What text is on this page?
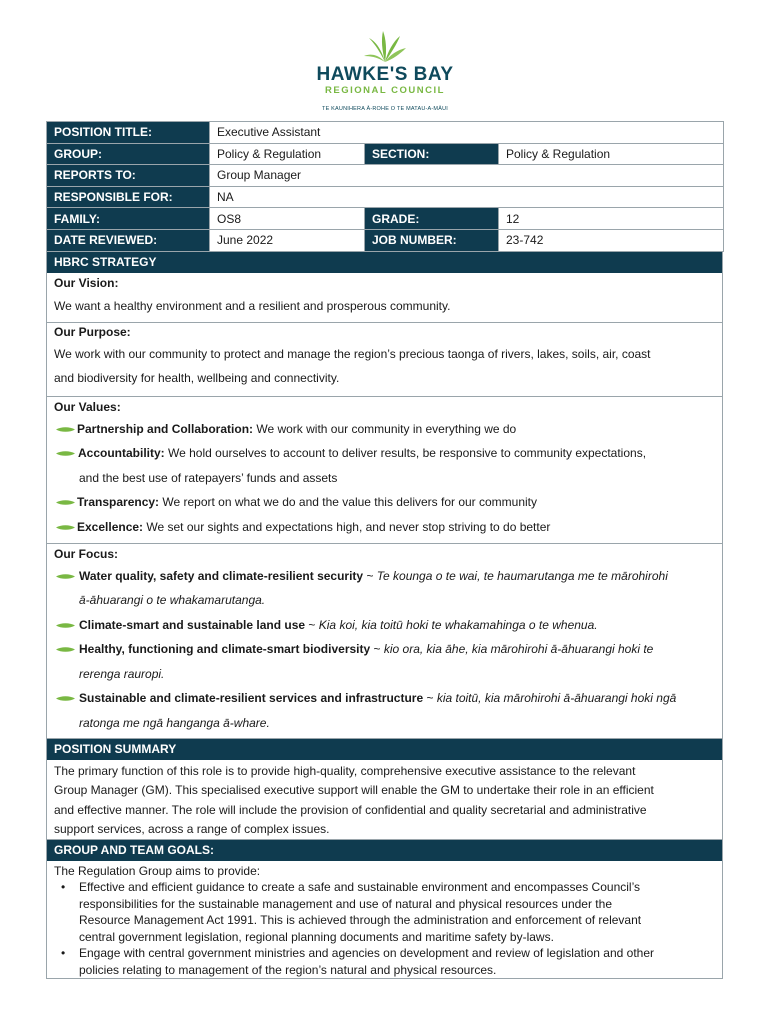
HAWKE'S BAY
REGIONAL COUNCIL
TE KAUNIHERA Ā-ROHE O TE MATAU-A-MĀUI
POSITION TITLE:	Executive Assistant		
GROUP:	Policy & Regulation	SECTION:	Policy & Regulation
REPORTS TO:	Group Manager		
RESPONSIBLE FOR:	NA		
FAMILY:	OS8	GRADE:	12
DATE REVIEWED:	June 2022	JOB NUMBER:	23-742
HBRC STRATEGY
Our Vision:
We want a healthy environment and a resilient and prosperous community.
Our Purpose:
We work with our community to protect and manage the region’s precious taonga of rivers, lakes, soils, air, coast
and biodiversity for health, wellbeing and connectivity.
Our Values:
Partnership and Collaboration: We work with our community in everything we do
Accountability: We hold ourselves to account to deliver results, be responsive to community expectations,
and the best use of ratepayers’ funds and assets
Transparency: We report on what we do and the value this delivers for our community
Excellence: We set our sights and expectations high, and never stop striving to do better
Our Focus:
Water quality, safety and climate-resilient security ~ Te kounga o te wai, te haumarutanga me te mārohirohi
ā-āhuarangi o te whakamarutanga.
Climate-smart and sustainable land use ~ Kia koi, kia toitū hoki te whakamahinga o te whenua.
Healthy, functioning and climate-smart biodiversity ~ kio ora, kia āhe, kia mārohirohi ā-āhuarangi hoki te
rerenga rauropi.
Sustainable and climate-resilient services and infrastructure ~ kia toitū, kia mārohirohi ā-āhuarangi hoki ngā
ratonga me ngā hanganga ā-whare.
POSITION SUMMARY
The primary function of this role is to provide high-quality, comprehensive executive assistance to the relevant
Group Manager (GM). This specialised executive support will enable the GM to undertake their role in an efficient
and effective manner. The role will include the provision of confidential and quality secretarial and administrative
support services, across a range of complex issues.
GROUP AND TEAM GOALS:
The Regulation Group aims to provide:
• Effective and efficient guidance to create a safe and sustainable environment and encompasses Council’s
responsibilities for the sustainable management and use of natural and physical resources under the
Resource Management Act 1991. This is achieved through the administration and enforcement of relevant
central government legislation, regional planning documents and maritime safety by-laws.
• Engage with central government ministries and agencies on development and review of legislation and other
policies relating to management of the region’s natural and physical resources.
